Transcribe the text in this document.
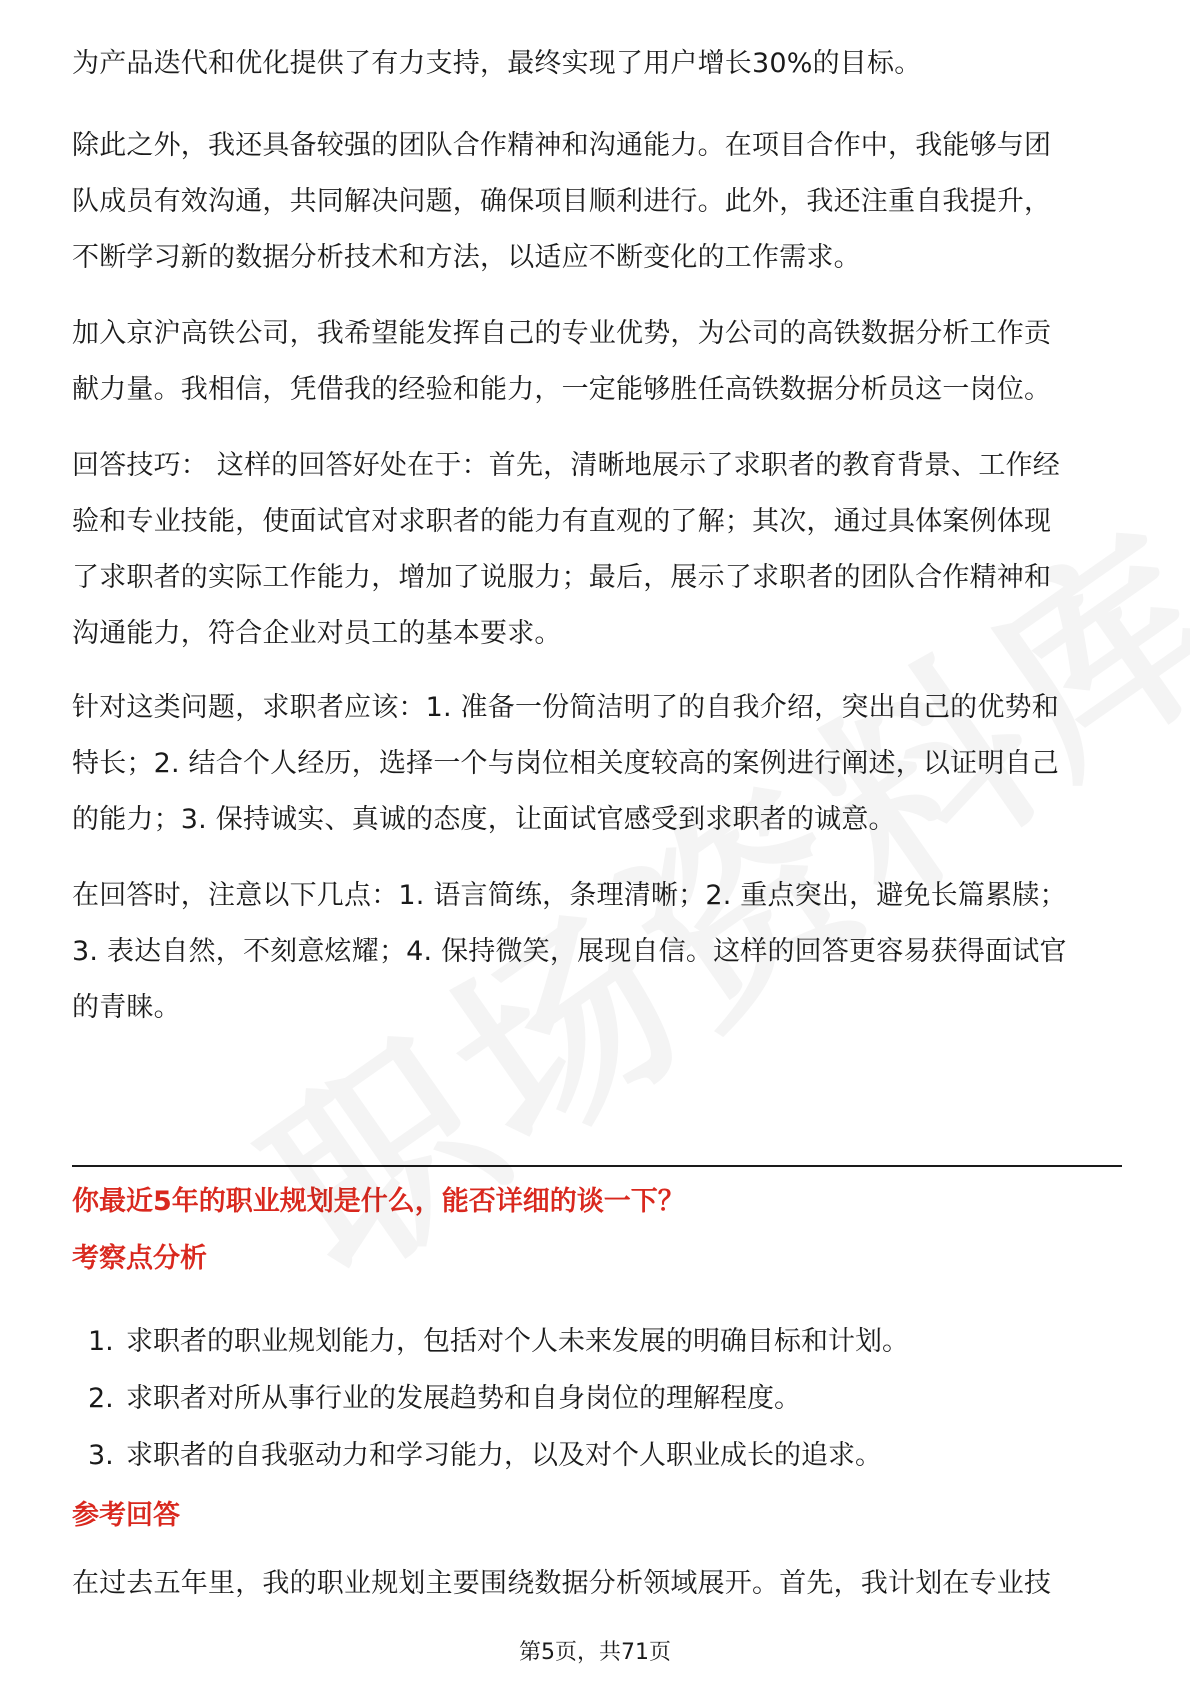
为产品迭代和优化提供了有力支持，最终实现了用户增长30%的目标。

除此之外，我还具备较强的团队合作精神和沟通能力。在项目合作中，我能够与团
队成员有效沟通，共同解决问题，确保项目顺利进行。此外，我还注重自我提升，
不断学习新的数据分析技术和方法，以适应不断变化的工作需求。

加入京沪高铁公司，我希望能发挥自己的专业优势，为公司的高铁数据分析工作贡
献力量。我相信，凭借我的经验和能力，一定能够胜任高铁数据分析员这一岗位。

回答技巧： 这样的回答好处在于：首先，清晰地展示了求职者的教育背景、工作经
验和专业技能，使面试官对求职者的能力有直观的了解；其次，通过具体案例体现
了求职者的实际工作能力，增加了说服力；最后，展示了求职者的团队合作精神和
沟通能力，符合企业对员工的基本要求。

针对这类问题，求职者应该：1. 准备一份简洁明了的自我介绍，突出自己的优势和
特长；2. 结合个人经历，选择一个与岗位相关度较高的案例进行阐述，以证明自己
的能力；3. 保持诚实、真诚的态度，让面试官感受到求职者的诚意。

在回答时，注意以下几点：1. 语言简练，条理清晰；2. 重点突出，避免长篇累牍；
3. 表达自然，不刻意炫耀；4. 保持微笑，展现自信。这样的回答更容易获得面试官
的青睐。

你最近5年的职业规划是什么，能否详细的谈一下？
考察点分析
1. 求职者的职业规划能力，包括对个人未来发展的明确目标和计划。
2. 求职者对所从事行业的发展趋势和自身岗位的理解程度。
3. 求职者的自我驱动力和学习能力，以及对个人职业成长的追求。
参考回答

在过去五年里，我的职业规划主要围绕数据分析领域展开。首先，我计划在专业技

第5页，共71页
